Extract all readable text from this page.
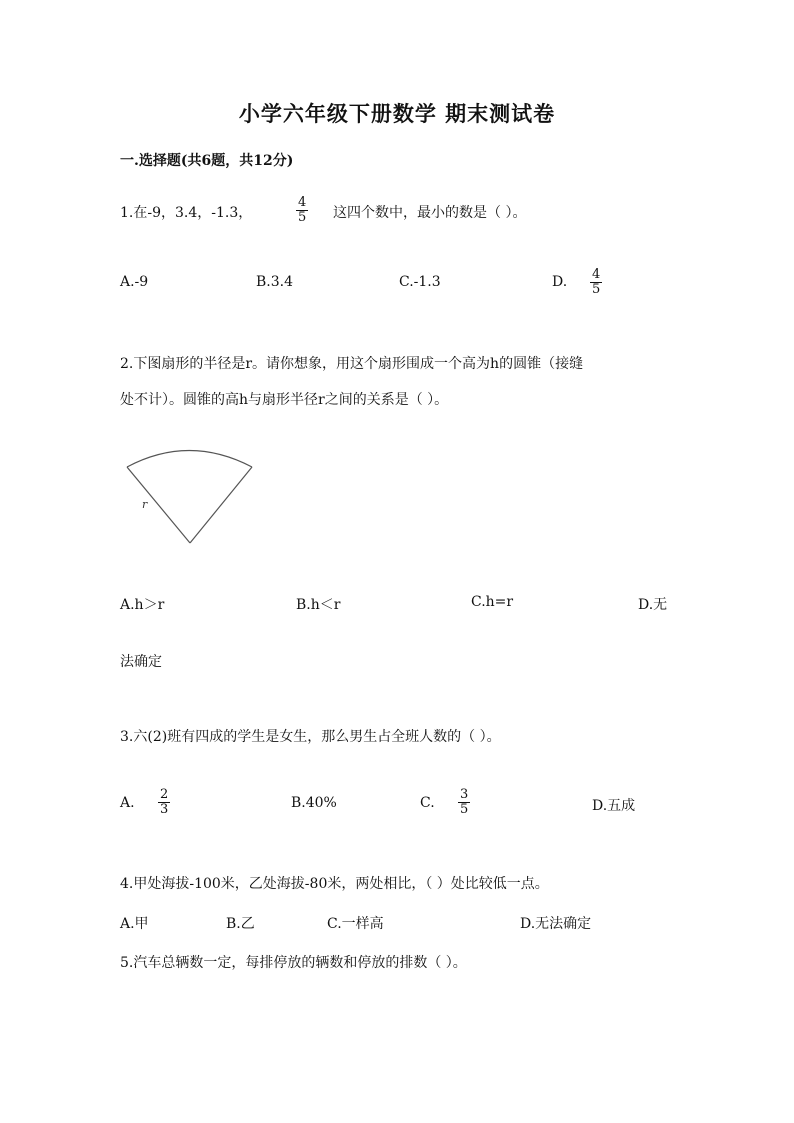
小学六年级下册数学 期末测试卷
一.选择题(共6题，共12分)
1.在-9，3.4，-1.3，	$\frac{4}{5}$ 这四个数中，最小的数是（ ）。
A.-9	B.3.4	C.-1.3	D. $\frac{4}{5}$
2.下图扇形的半径是r。请你想象，用这个扇形围成一个高为h的圆锥（接缝
处不计）。圆锥的高h与扇形半径r之间的关系是（ ）。
r
A.h＞r	B.h＜r	C.h=r	D.无
法确定
3.六(2)班有四成的学生是女生，那么男生占全班人数的（ ）。
A. $\frac{2}{3}$	B.40%	C. $\frac{3}{5}$	D.五成
4.甲处海拔-100米，乙处海拔-80米，两处相比，（ ）处比较低一点。
A.甲	B.乙	C.一样高	D.无法确定
5.汽车总辆数一定，每排停放的辆数和停放的排数（ ）。
